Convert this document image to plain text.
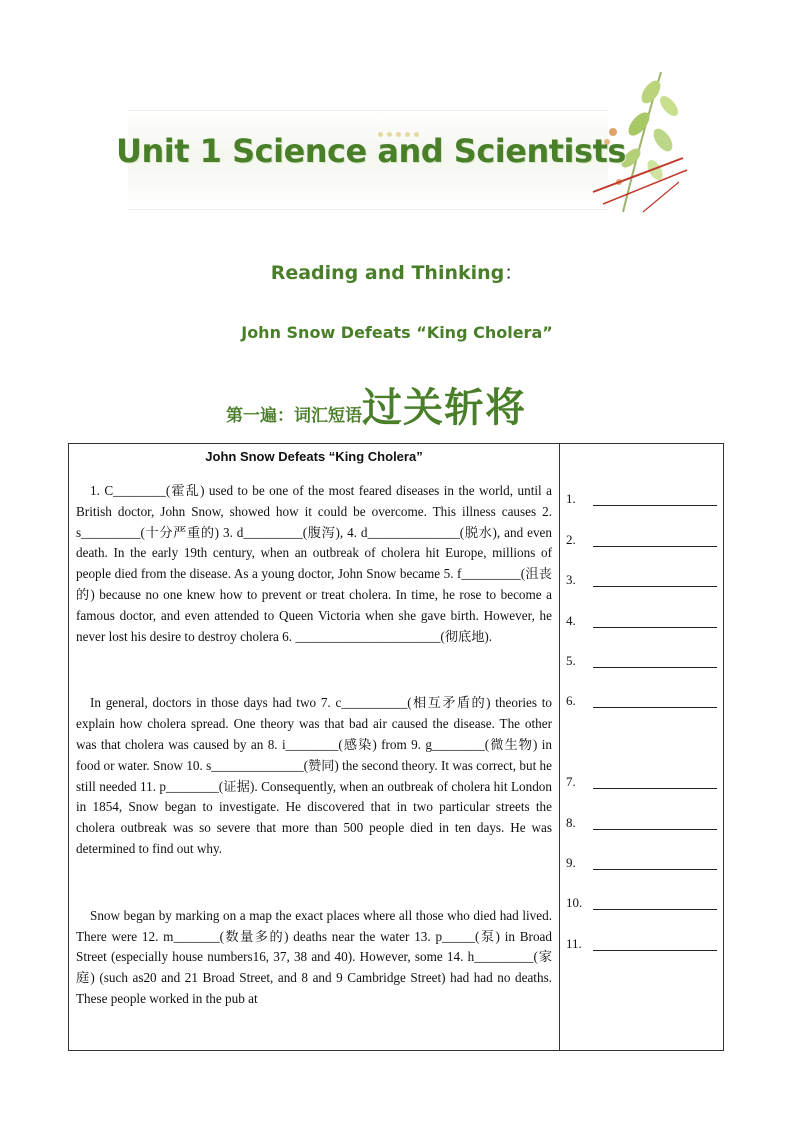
Unit 1 Science and Scientists
Reading and Thinking：
John Snow Defeats “King Cholera”
第一遍：词汇短语过关斩将
John Snow Defeats “King Cholera”

1. C________(霍乱) used to be one of the most feared diseases in the world, until a British doctor, John Snow, showed how it could be overcome. This illness causes 2. s_________(十分严重的) 3. d_________(腹泻), 4. d______________(脱水), and even death. In the early 19th century, when an outbreak of cholera hit Europe, millions of people died from the disease. As a young doctor, John Snow became 5. f_________(沮丧的) because no one knew how to prevent or treat cholera. In time, he rose to become a famous doctor, and even attended to Queen Victoria when she gave birth. However, he never lost his desire to destroy cholera 6. ______________________(彻底地).

In general, doctors in those days had two 7. c__________(相互矛盾的) theories to explain how cholera spread. One theory was that bad air caused the disease. The other was that cholera was caused by an 8. i________(感染) from 9. g________(微生物) in food or water. Snow 10. s______________(赞同) the second theory. It was correct, but he still needed 11. p________(证据). Consequently, when an outbreak of cholera hit London in 1854, Snow began to investigate. He discovered that in two particular streets the cholera outbreak was so severe that more than 500 people died in ten days. He was determined to find out why.

Snow began by marking on a map the exact places where all those who died had lived. There were 12. m_______(数量多的) deaths near the water 13. p_____(泵) in Broad Street (especially house numbers16, 37, 38 and 40). However, some 14. h_________(家庭) (such as20 and 21 Broad Street, and 8 and 9 Cambridge Street) had had no deaths. These people worked in the pub at

1.
2.
3.
4.
5.
6.
7.
8.
9.
10.
11.
